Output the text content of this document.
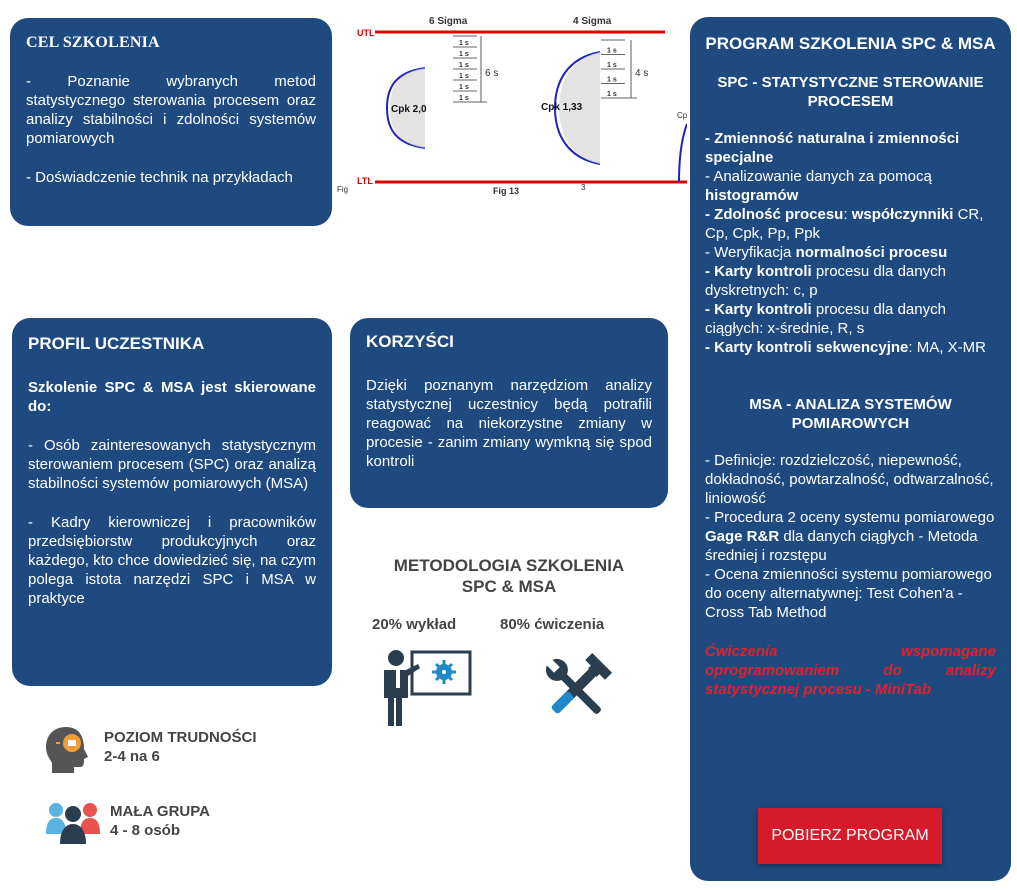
CEL SZKOLENIA

- Poznanie wybranych metod statystycznego sterowania procesem oraz analizy stabilności i zdolności systemów pomiarowych

- Doświadczenie technik na przykładach

6 Sigma	4 Sigma
UTL
LTL
Fig	Fig 13	3
1 s
1 s
1 s
1 s
1 s
1 s
6 s
1 s
1 s
1 s
1 s
4 s
Cpk 2,0	Cpk 1,33
Cp
PROFIL UCZESTNIKA

Szkolenie SPC & MSA jest skierowane do:

- Osób zainteresowanych statystycznym sterowaniem procesem (SPC) oraz analizą stabilności systemów pomiarowych (MSA)

- Kadry kierowniczej i pracowników przedsiębiorstw produkcyjnych oraz każdego, kto chce dowiedzieć się, na czym polega istota narzędzi SPC i MSA w praktyce

KORZYŚCI

Dzięki poznanym narzędziom analizy statystycznej uczestnicy będą potrafili reagować na niekorzystne zmiany w procesie - zanim zmiany wymkną się spod kontroli

METODOLOGIA SZKOLENIA
SPC & MSA
20% wykład	80% ćwiczenia
POZIOM TRUDNOŚCI
2-4 na 6
MAŁA GRUPA
4 - 8 osób
PROGRAM SZKOLENIA SPC & MSA
SPC - STATYSTYCZNE STEROWANIE PROCESEM
- Zmienność naturalna i zmienności specjalne
- Analizowanie danych za pomocą histogramów
- Zdolność procesu: współczynniki CR, Cp, Cpk, Pp, Ppk
- Weryfikacja normalności procesu
- Karty kontroli procesu dla danych dyskretnych: c, p
- Karty kontroli procesu dla danych ciągłych: x-średnie, R, s
- Karty kontroli sekwencyjne: MA, X-MR
MSA - ANALIZA SYSTEMÓW POMIAROWYCH
- Definicje: rozdzielczość, niepewność, dokładność, powtarzalność, odtwarzalność, liniowość
- Procedura 2 oceny systemu pomiarowego Gage R&R dla danych ciągłych - Metoda średniej i rozstępu
- Ocena zmienności systemu pomiarowego do oceny alternatywnej: Test Cohen'a - Cross Tab Method
Ćwiczenia wspomagane oprogramowaniem do analizy statystycznej procesu - MiniTab
POBIERZ PROGRAM
